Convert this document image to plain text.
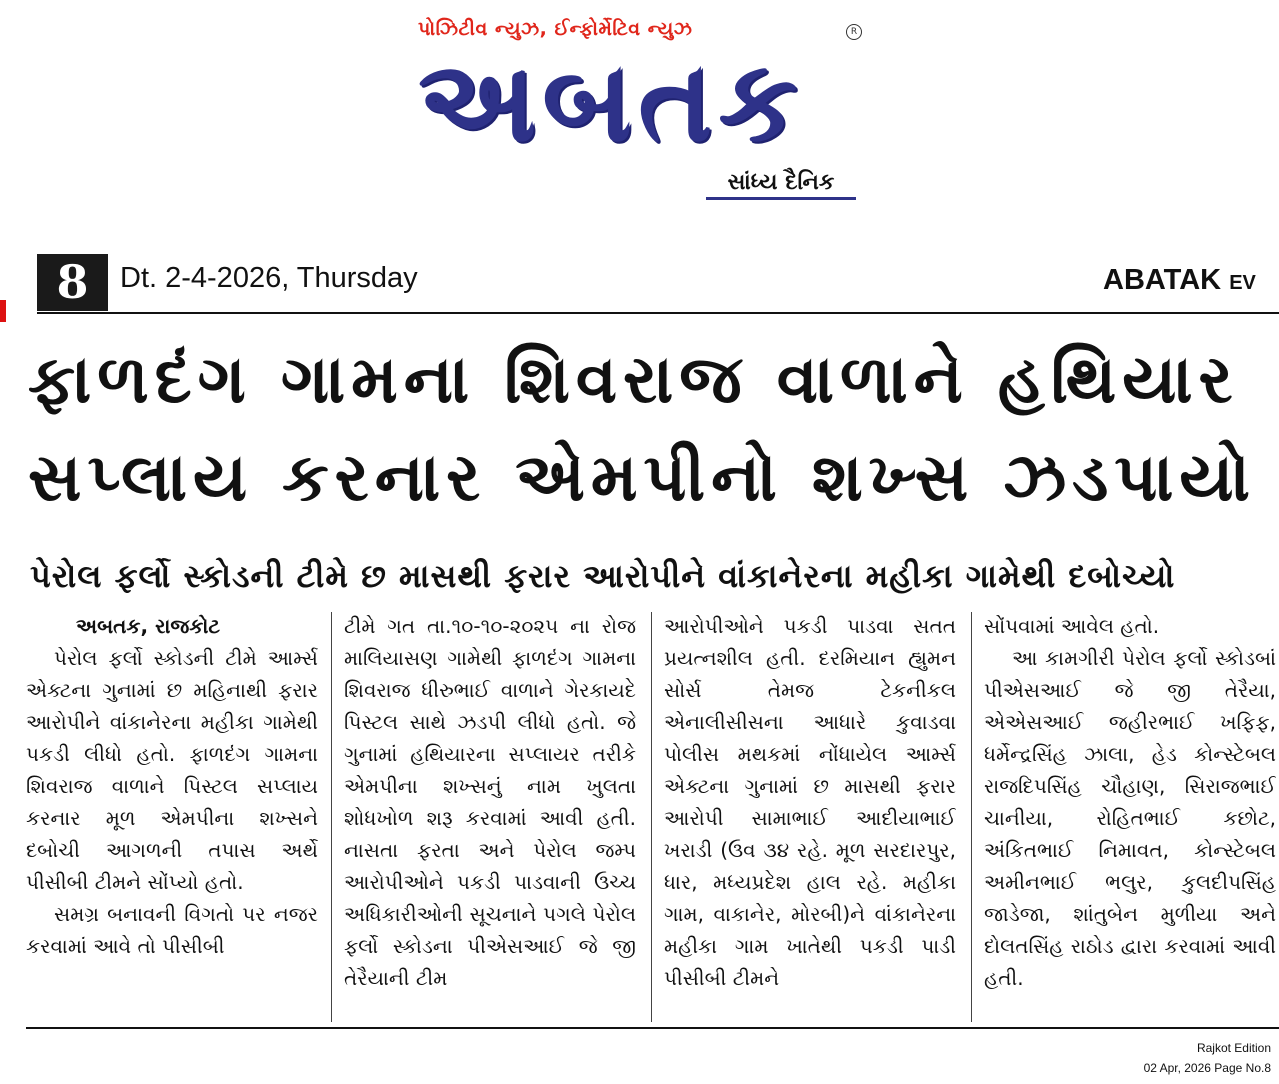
પોઝિટીવ ન્યુઝ, ઈન્ફોર્મેટિવ ન્યુઝ	R
અબતક
સાંધ્ય દૈનિક
8	Dt. 2-4-2026, Thursday	ABATAK EV
ફાળદંગ ગામના શિવરાજ વાળાને હથિયાર
સપ્લાય કરનાર એમપીનો શખ્સ ઝડપાયો
પેરોલ ફર્લો સ્કોડની ટીમે છ માસથી ફરાર આરોપીને વાંકાનેરના મહીકા ગામેથી દબોચ્યો
અબતક, રાજકોટ

પેરોલ ફર્લો સ્કોડની ટીમે આર્મ્સ એક્ટના ગુનામાં છ મહિનાથી ફરાર આરોપીને વાંકાનેરના મહીકા ગામેથી પકડી લીધો હતો. ફાળદંગ ગામના શિવરાજ વાળાને પિસ્ટલ સપ્લાય કરનાર મૂળ એમપીના શખ્સને દબોચી આગળની તપાસ અર્થે પીસીબી ટીમને સોંપ્યો હતો.

સમગ્ર બનાવની વિગતો પર નજર કરવામાં આવે તો પીસીબી

ટીમે ગત તા.૧૦-૧૦-૨૦૨૫ ના રોજ માલિયાસણ ગામેથી ફાળદંગ ગામના શિવરાજ ધીરુભાઈ વાળાને ગેરકાયદે પિસ્ટલ સાથે ઝડપી લીધો હતો. જે ગુનામાં હથિયારના સપ્લાયર તરીકે એમપીના શખ્સનું નામ ખુલતા શોધખોળ શરૂ કરવામાં આવી હતી. નાસતા ફરતા અને પેરોલ જમ્પ આરોપીઓને પકડી પાડવાની ઉચ્ચ અધિકારીઓની સૂચનાને પગલે પેરોલ ફર્લો સ્કોડના પીએસઆઈ જે જી તેરૈયાની ટીમ

આરોપીઓને પકડી પાડવા સતત પ્રયત્નશીલ હતી. દરમિયાન હ્યુમન સોર્સ તેમજ ટેકનીકલ એનાલીસીસના આધારે કુવાડવા પોલીસ મથકમાં નોંધાયેલ આર્મ્સ એક્ટના ગુનામાં છ માસથી ફરાર આરોપી સામાભાઈ આદીયાભાઈ ખરાડી (ઉવ ૩૪ રહે. મૂળ સરદારપુર, ધાર, મધ્યપ્રદેશ હાલ રહે. મહીકા ગામ, વાકાનેર, મોરબી)ને વાંકાનેરના મહીકા ગામ ખાતેથી પકડી પાડી પીસીબી ટીમને

સોંપવામાં આવેલ હતો.

આ કામગીરી પેરોલ ફર્લો સ્કોડબાં પીએસઆઈ જે જી તેરૈયા, એએસઆઈ જહીરભાઈ ખફિફ, ધર્મેન્દ્રસિંહ ઝાલા, હેડ કોન્સ્ટેબલ રાજદિપસિંહ ચૌહાણ, સિરાજભાઈ ચાનીયા, રોહિતભાઈ કછોટ, અંકિતભાઈ નિમાવત, કોન્સ્ટેબલ અમીનભાઈ ભલુર, કુલદીપસિંહ જાડેજા, શાંતુબેન મુળીયા અને દોલતસિંહ રાઠોડ દ્વારા કરવામાં આવી હતી.

Rajkot Edition
02 Apr, 2026 Page No.8
